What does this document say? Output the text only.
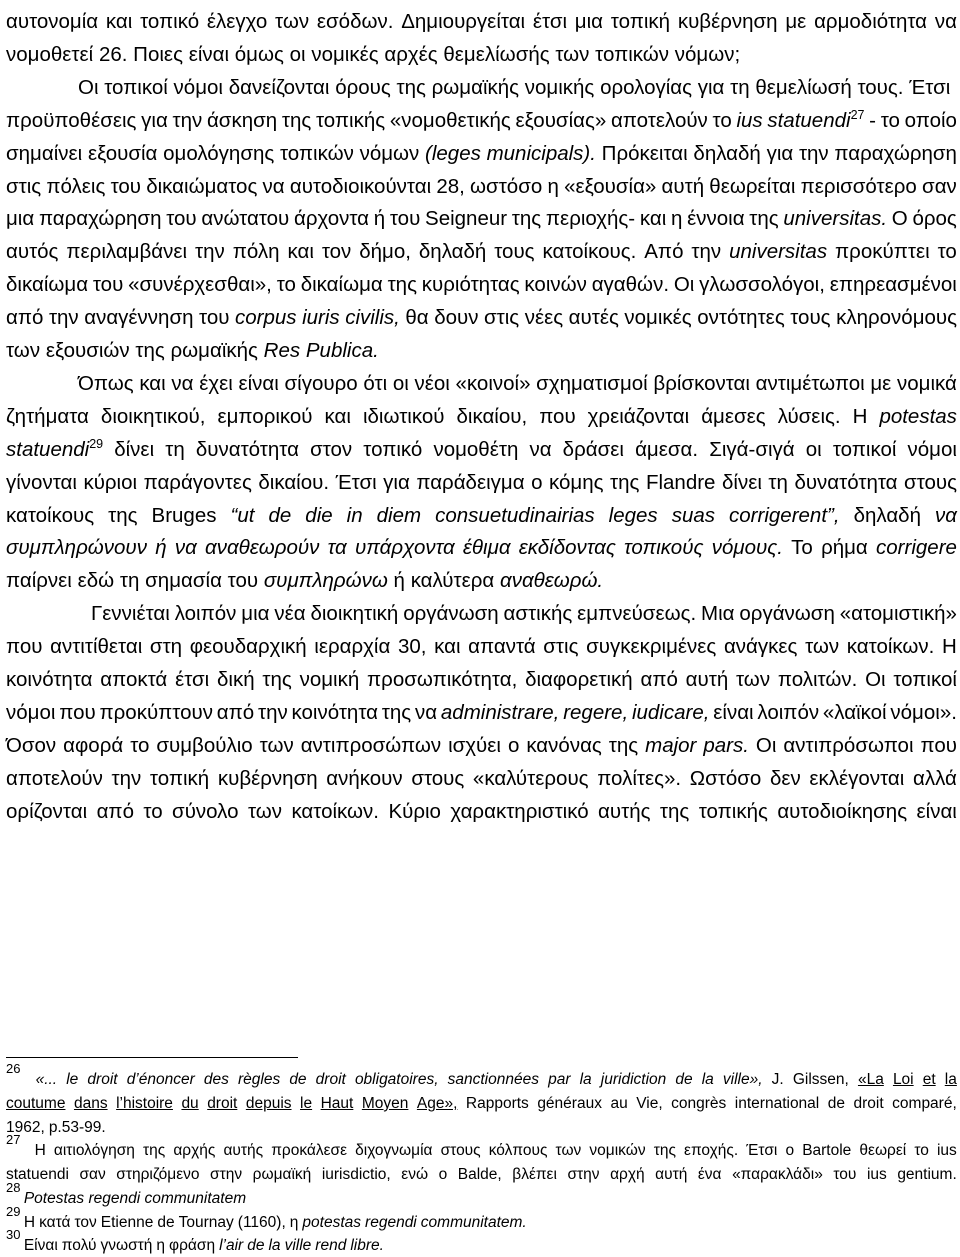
αυτονομία και τοπικό έλεγχο των εσόδων. Δημιουργείται έτσι μια τοπική κυβέρνηση με αρμοδιότητα να
νομοθετεί 26. Ποιες είναι όμως οι νομικές αρχές θεμελίωσής των τοπικών νόμων;
Οι τοπικοί νόμοι δανείζονται όρους της ρωμαϊκής νομικής ορολογίας για τη θεμελίωσή τους. Έτσι
προϋποθέσεις για την άσκηση της τοπικής «νομοθετικής εξουσίας» αποτελούν το ius statuendi$^{27}$ - το οποίο
σημαίνει εξουσία ομολόγησης τοπικών νόμων (leges municipals). Πρόκειται δηλαδή για την παραχώρηση
στις πόλεις του δικαιώματος να αυτοδιοικούνται 28, ωστόσο η «εξουσία» αυτή θεωρείται περισσότερο σαν
μια παραχώρηση του ανώτατου άρχοντα ή του Seigneur της περιοχής- και η έννοια της universitas. Ο όρος
αυτός περιλαμβάνει την πόλη και τον δήμο, δηλαδή τους κατοίκους. Από την universitas προκύπτει το
δικαίωμα του «συνέρχεσθαι», το δικαίωμα της κυριότητας κοινών αγαθών. Οι γλωσσολόγοι, επηρεασμένοι
από την αναγέννηση του corpus iuris civilis, θα δουν στις νέες αυτές νομικές οντότητες τους κληρονόμους
των εξουσιών της ρωμαϊκής Res Publica.
Όπως και να έχει είναι σίγουρο ότι οι νέοι «κοινοί» σχηματισμοί βρίσκονται αντιμέτωποι με νομικά
ζητήματα διοικητικού, εμπορικού και ιδιωτικού δικαίου, που χρειάζονται άμεσες λύσεις. Η potestas
statuendi$^{29}$ δίνει τη δυνατότητα στον τοπικό νομοθέτη να δράσει άμεσα. Σιγά-σιγά οι τοπικοί νόμοι
γίνονται κύριοι παράγοντες δικαίου. Έτσι για παράδειγμα ο κόμης της Flandre δίνει τη δυνατότητα στους
κατοίκους της Bruges “ut de die in diem consuetudinairias leges suas corrigerent”, δηλαδή να
συμπληρώνουν ή να αναθεωρούν τα υπάρχοντα έθιμα εκδίδοντας τοπικούς νόμους. Το ρήμα corrigere
παίρνει εδώ τη σημασία του συμπληρώνω ή καλύτερα αναθεωρώ.
Γεννιέται λοιπόν μια νέα διοικητική οργάνωση αστικής εμπνεύσεως. Μια οργάνωση «ατομιστική»
που αντιτίθεται στη φεουδαρχική ιεραρχία 30, και απαντά στις συγκεκριμένες ανάγκες των κατοίκων. Η
κοινότητα αποκτά έτσι δική της νομική προσωπικότητα, διαφορετική από αυτή των πολιτών. Οι τοπικοί
νόμοι που προκύπτουν από την κοινότητα της να administrare, regere, iudicare, είναι λοιπόν «λαϊκοί νόμοι».
Όσον αφορά το συμβούλιο των αντιπροσώπων ισχύει ο κανόνας της major pars. Οι αντιπρόσωποι που
αποτελούν την τοπική κυβέρνηση ανήκουν στους «καλύτερους πολίτες». Ωστόσο δεν εκλέγονται αλλά
ορίζονται από το σύνολο των κατοίκων. Κύριο χαρακτηριστικό αυτής της τοπικής αυτοδιοίκησης είναι
26
«... le droit d’énoncer des règles de droit obligatoires, sanctionnées par la juridiction de la ville», J. Gilssen, «La Loi et la
coutume dans l’histoire du droit depuis le Haut Moyen Age», Rapports généraux au Vie, congrès international de droit comparé,
1962, p.53-99.
27
Η αιτιολόγηση της αρχής αυτής προκάλεσε διχογνωμία στους κόλπους των νομικών της εποχής. Έτσι ο Bartole θεωρεί το ius
statuendi σαν στηριζόμενο στην ρωμαϊκή iurisdictio, ενώ ο Balde, βλέπει στην αρχή αυτή ένα «παρακλάδι» του ius gentium.
28
Potestas regendi communitatem
29
Η κατά τον Etienne de Tournay (1160), η potestas regendi communitatem.
30
Είναι πολύ γνωστή η φράση l’air de la ville rend libre.
